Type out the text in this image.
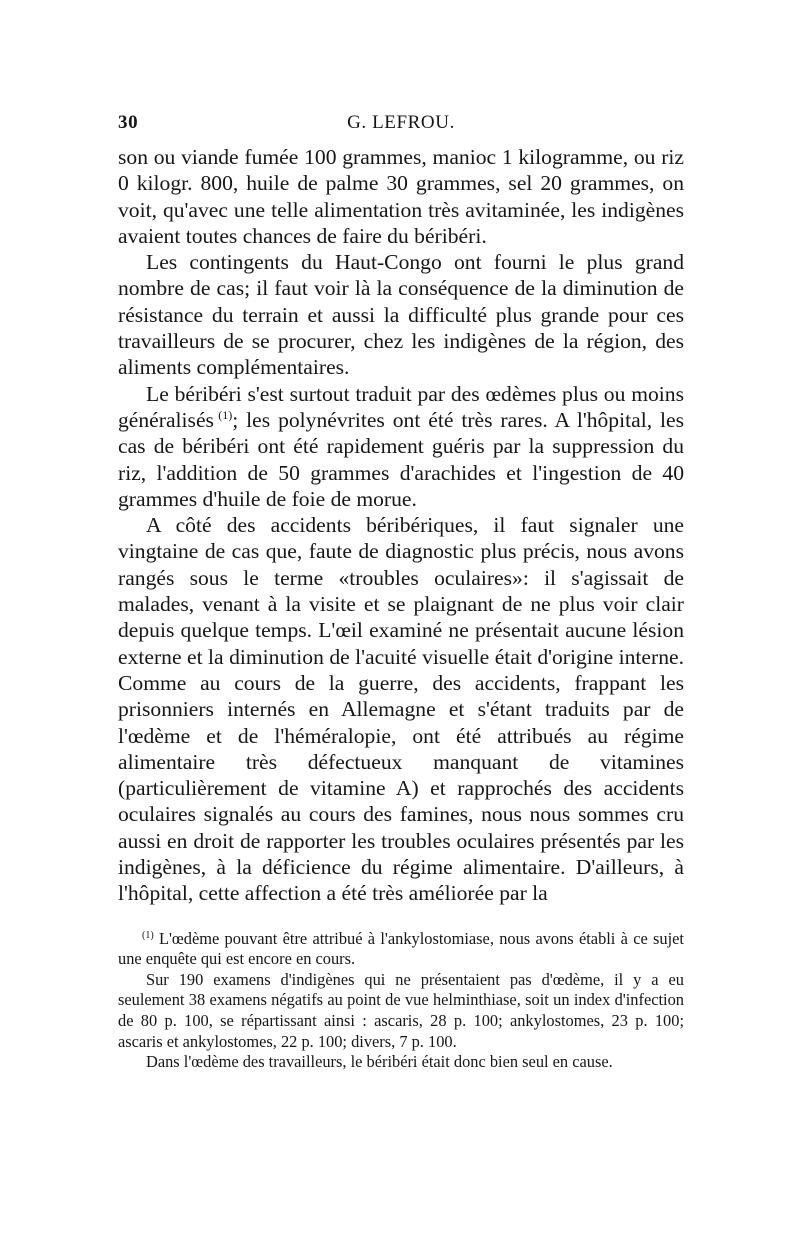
30	G. LEFROU.

son ou viande fumée 100 grammes, manioc 1 kilogramme, ou riz 0 kilogr. 800, huile de palme 30 grammes, sel 20 grammes, on voit, qu'avec une telle alimentation très avitaminée, les indigènes avaient toutes chances de faire du béribéri.

Les contingents du Haut-Congo ont fourni le plus grand nombre de cas; il faut voir là la conséquence de la diminution de résistance du terrain et aussi la difficulté plus grande pour ces travailleurs de se procurer, chez les indigènes de la région, des aliments complémentaires.

Le béribéri s'est surtout traduit par des œdèmes plus ou moins généralisés  $^{(1)}$; les polynévrites ont été très rares. A l'hôpital, les cas de béribéri ont été rapidement guéris par la suppression du riz, l'addition de 50 grammes d'arachides et l'ingestion de 40 grammes d'huile de foie de morue.

A côté des accidents béribériques, il faut signaler une vingtaine de cas que, faute de diagnostic plus précis, nous avons rangés sous le terme «troubles oculaires»: il s'agissait de malades, venant à la visite et se plaignant de ne plus voir clair depuis quelque temps. L'œil examiné ne présentait aucune lésion externe et la diminution de l'acuité visuelle était d'origine interne. Comme au cours de la guerre, des accidents, frappant les prisonniers internés en Allemagne et s'étant traduits par de l'œdème et de l'héméralopie, ont été attribués au régime alimentaire très défectueux manquant de vitamines (particulièrement de vitamine A) et rapprochés des accidents oculaires signalés au cours des famines, nous nous sommes cru aussi en droit de rapporter les troubles oculaires présentés par les indigènes, à la déficience du régime alimentaire. D'ailleurs, à l'hôpital, cette affection a été très améliorée par la

$^{(1)}$ L'œdème pouvant être attribué à l'ankylostomiase, nous avons établi à ce sujet une enquête qui est encore en cours.

Sur 190 examens d'indigènes qui ne présentaient pas d'œdème, il y a eu seulement 38 examens négatifs au point de vue helminthiase, soit un index d'infection de 80 p. 100, se répartissant ainsi : ascaris, 28 p. 100; ankylostomes, 23 p. 100; ascaris et ankylostomes, 22 p. 100; divers, 7 p. 100.

Dans l'œdème des travailleurs, le béribéri était donc bien seul en cause.
